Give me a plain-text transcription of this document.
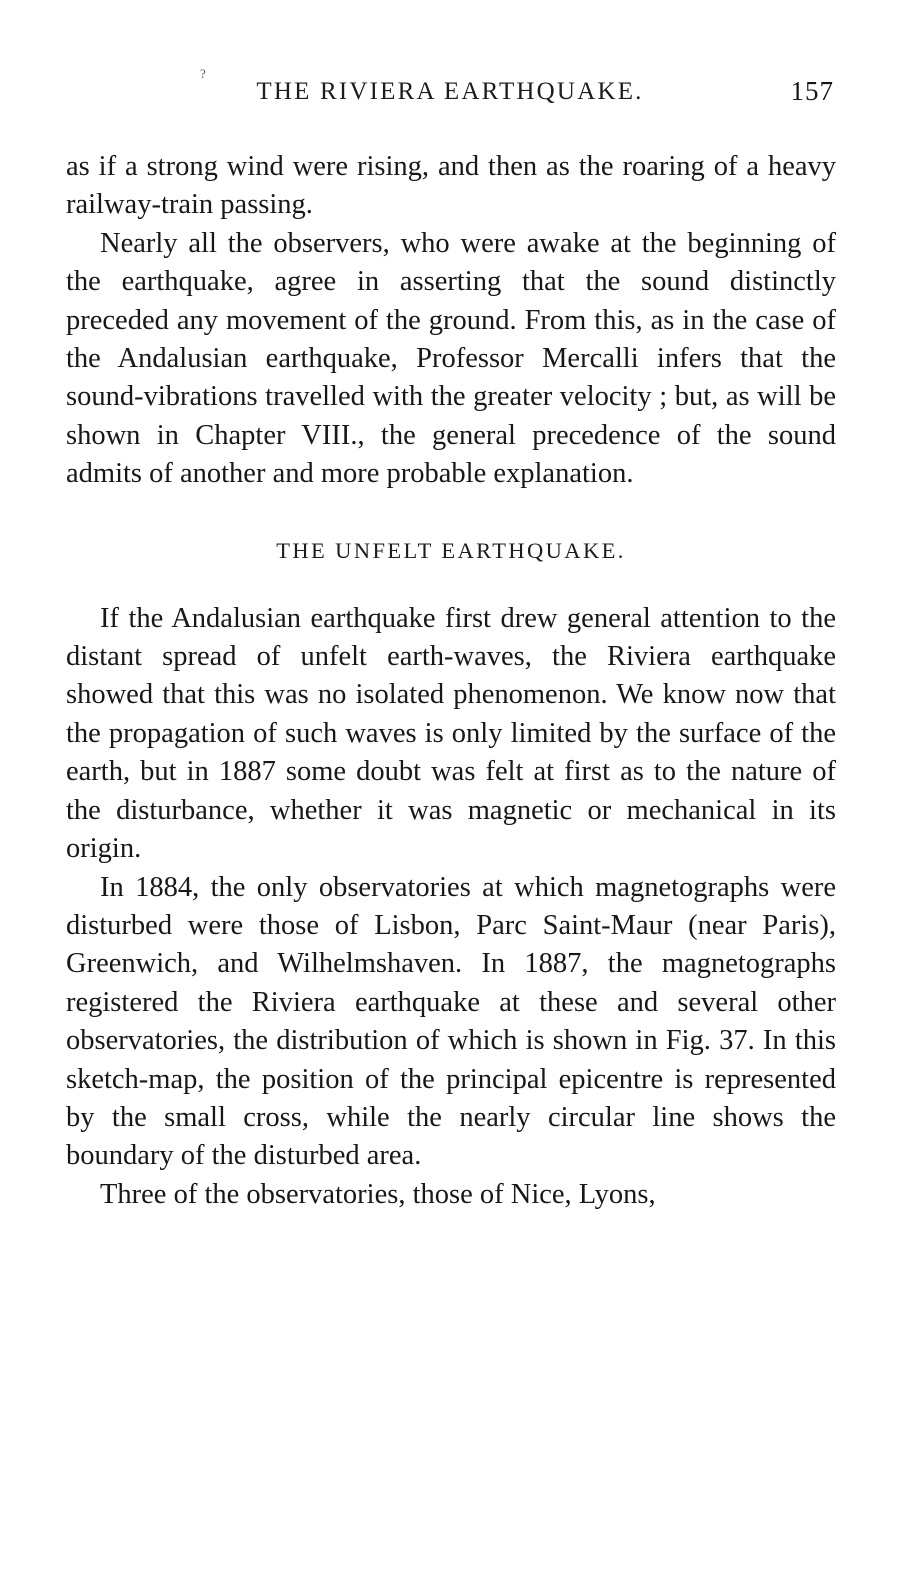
?
THE RIVIERA EARTHQUAKE.	157

as if a strong wind were rising, and then as the roaring of a heavy railway-train passing.

Nearly all the observers, who were awake at the beginning of the earthquake, agree in asserting that the sound distinctly preceded any movement of the ground. From this, as in the case of the Andalusian earthquake, Professor Mercalli infers that the sound-vibrations travelled with the greater velocity ; but, as will be shown in Chapter VIII., the general precedence of the sound admits of another and more probable explanation.

THE UNFELT EARTHQUAKE.

If the Andalusian earthquake first drew general attention to the distant spread of unfelt earth-waves, the Riviera earthquake showed that this was no isolated phenomenon. We know now that the propagation of such waves is only limited by the surface of the earth, but in 1887 some doubt was felt at first as to the nature of the disturbance, whether it was magnetic or mechanical in its origin.

In 1884, the only observatories at which magnetographs were disturbed were those of Lisbon, Parc Saint-Maur (near Paris), Greenwich, and Wilhelmshaven. In 1887, the magnetographs registered the Riviera earthquake at these and several other observatories, the distribution of which is shown in Fig. 37. In this sketch-map, the position of the principal epicentre is represented by the small cross, while the nearly circular line shows the boundary of the disturbed area.

Three of the observatories, those of Nice, Lyons,
